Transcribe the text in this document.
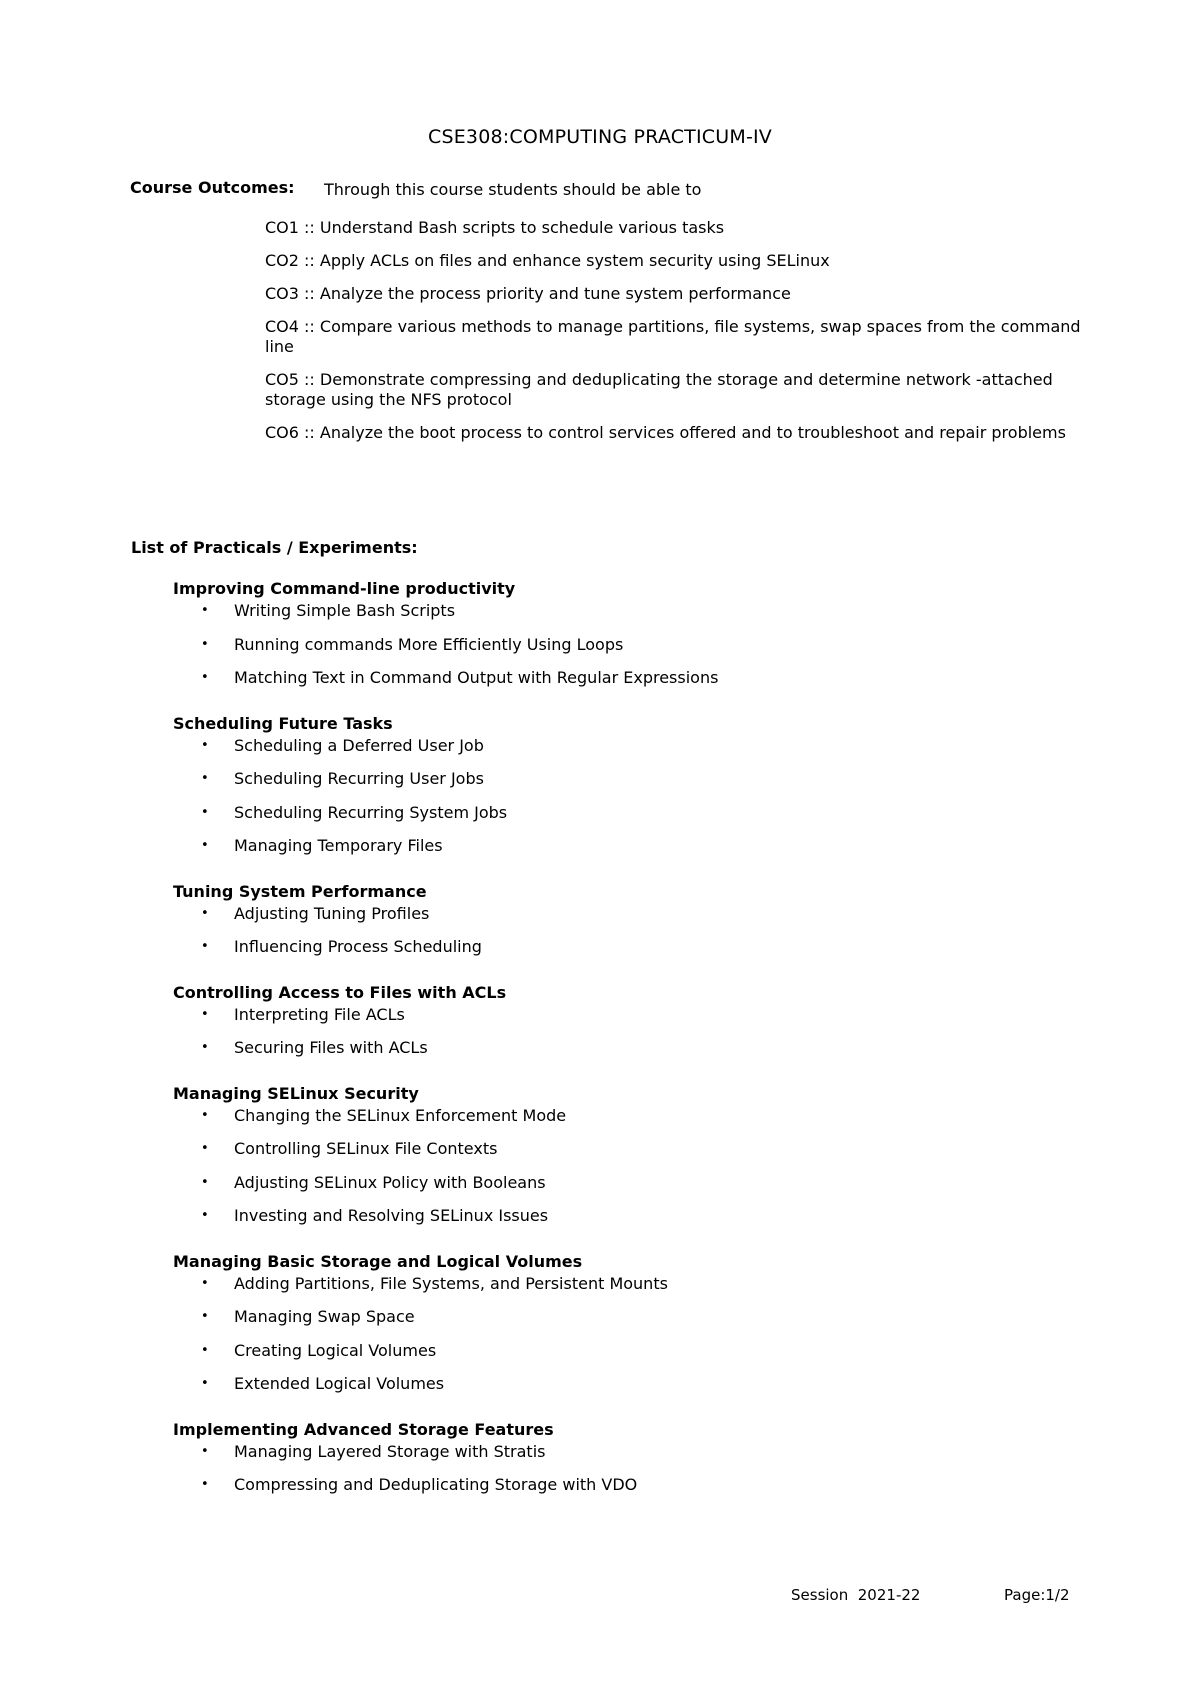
CSE308:COMPUTING PRACTICUM-IV
Course Outcomes: Through this course students should be able to
CO1 :: Understand Bash scripts to schedule various tasks
CO2 :: Apply ACLs on files and enhance system security using SELinux
CO3 :: Analyze the process priority and tune system performance
CO4 :: Compare various methods to manage partitions, file systems, swap spaces from the command line
CO5 :: Demonstrate compressing and deduplicating the storage and determine network -attached storage using the NFS protocol
CO6 :: Analyze the boot process to control services offered and to troubleshoot and repair problems
List of Practicals / Experiments:
Improving Command-line productivity
• Writing Simple Bash Scripts
• Running commands More Efficiently Using Loops
• Matching Text in Command Output with Regular Expressions
Scheduling Future Tasks
• Scheduling a Deferred User Job
• Scheduling Recurring User Jobs
• Scheduling Recurring System Jobs
• Managing Temporary Files
Tuning System Performance
• Adjusting Tuning Profiles
• Influencing Process Scheduling
Controlling Access to Files with ACLs
• Interpreting File ACLs
• Securing Files with ACLs
Managing SELinux Security
• Changing the SELinux Enforcement Mode
• Controlling SELinux File Contexts
• Adjusting SELinux Policy with Booleans
• Investing and Resolving SELinux Issues
Managing Basic Storage and Logical Volumes
• Adding Partitions, File Systems, and Persistent Mounts
• Managing Swap Space
• Creating Logical Volumes
• Extended Logical Volumes
Implementing Advanced Storage Features
• Managing Layered Storage with Stratis
• Compressing and Deduplicating Storage with VDO
Session  2021-22	Page:1/2
